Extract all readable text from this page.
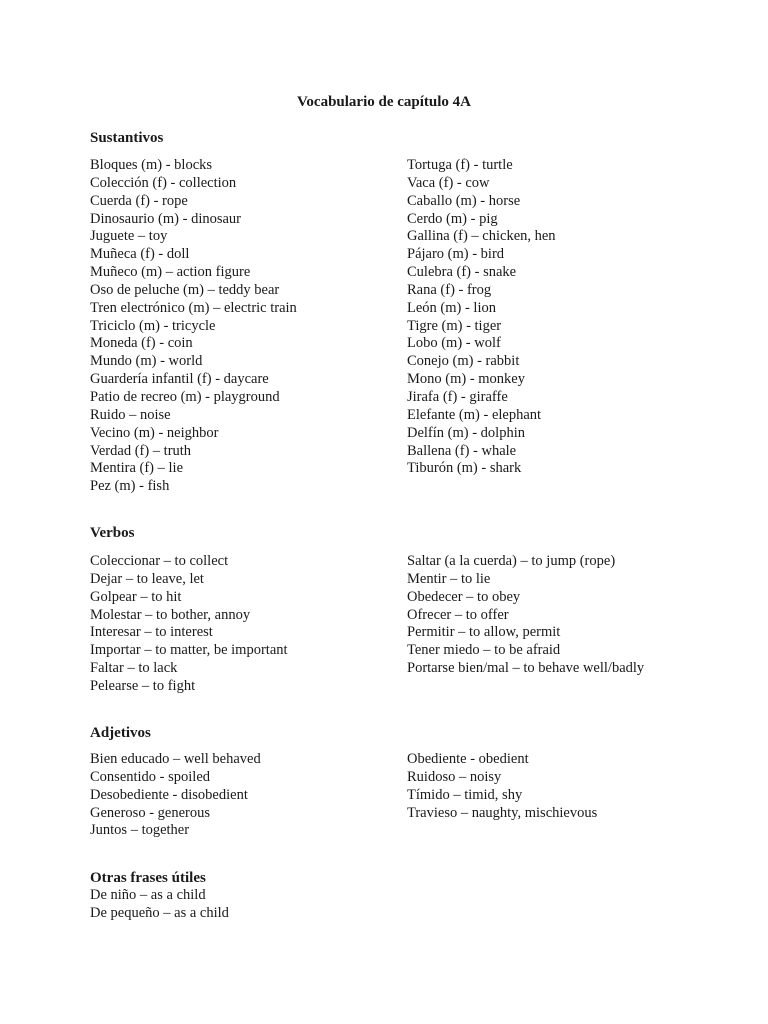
Vocabulario de capítulo 4A
Sustantivos
Bloques (m) - blocks
Colección (f) - collection
Cuerda (f) - rope
Dinosaurio (m) - dinosaur
Juguete – toy
Muñeca (f) - doll
Muñeco (m) – action figure
Oso de peluche (m) – teddy bear
Tren electrónico (m) – electric train
Triciclo (m) - tricycle
Moneda (f) - coin
Mundo (m) - world
Guardería infantil (f) - daycare
Patio de recreo (m) - playground
Ruido – noise
Vecino (m) - neighbor
Verdad (f) – truth
Mentira (f) – lie
Pez (m) - fish
Tortuga (f) - turtle
Vaca (f) - cow
Caballo (m) - horse
Cerdo (m) - pig
Gallina (f) – chicken, hen
Pájaro (m) - bird
Culebra (f) - snake
Rana (f) - frog
León (m) - lion
Tigre (m) - tiger
Lobo (m) - wolf
Conejo (m) - rabbit
Mono (m) - monkey
Jirafa (f) - giraffe
Elefante (m) - elephant
Delfín (m) - dolphin
Ballena (f) - whale
Tiburón (m) - shark
Verbos
Coleccionar – to collect
Dejar – to leave, let
Golpear – to hit
Molestar – to bother, annoy
Interesar – to interest
Importar – to matter, be important
Faltar – to lack
Pelearse – to fight
Saltar (a la cuerda) – to jump (rope)
Mentir – to lie
Obedecer – to obey
Ofrecer – to offer
Permitir – to allow, permit
Tener miedo – to be afraid
Portarse bien/mal – to behave well/badly
Adjetivos
Bien educado – well behaved
Consentido - spoiled
Desobediente - disobedient
Generoso - generous
Juntos – together
Obediente - obedient
Ruidoso – noisy
Tímido – timid, shy
Travieso – naughty, mischievous
Otras frases útiles
De niño – as a child
De pequeño – as a child
